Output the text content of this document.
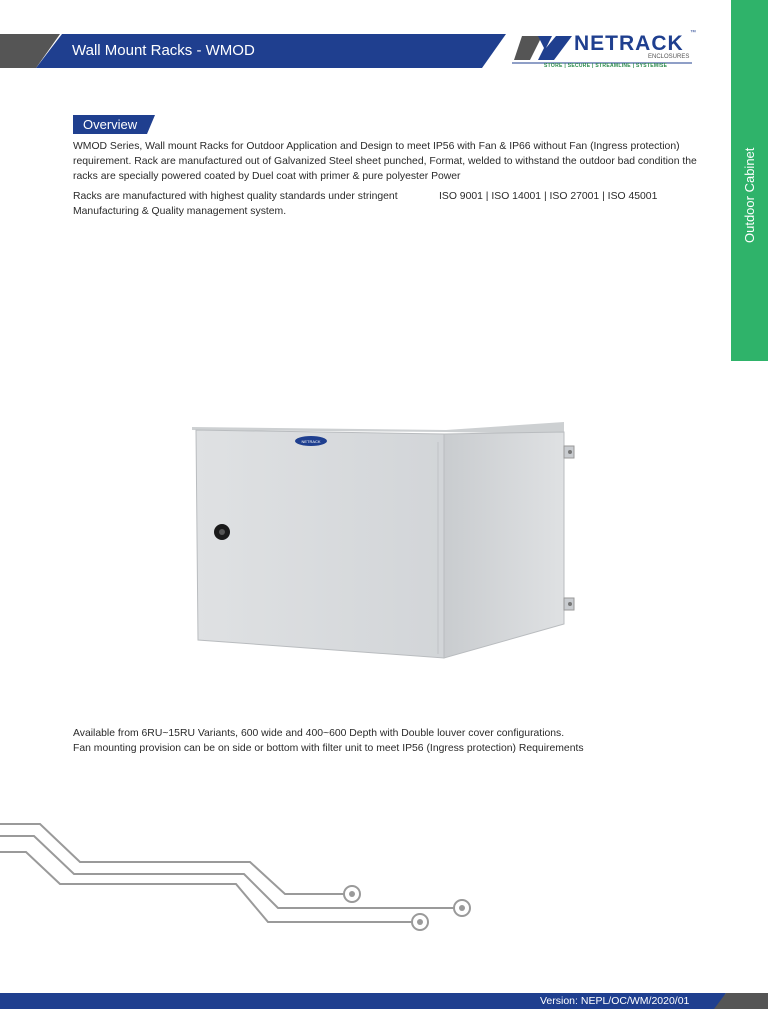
Wall Mount Racks - WMOD	NETRACK ™
ENCLOSURES
STORE | SECURE | STREAMLINE | SYSTEMISE
Outdoor Cabinet
Overview
WMOD Series, Wall mount Racks for Outdoor Application and Design to meet IP56 with Fan & IP66 without Fan (Ingress protection) requirement. Rack are manufactured out of Galvanized Steel sheet punched, Format, welded to withstand the outdoor bad condition the racks are specially powered coated by Duel coat with primer & pure polyester Power
Racks are manufactured with highest quality standards under stringent Manufacturing & Quality management system.
ISO 9001 | ISO 14001 | ISO 27001 | ISO 45001
NETRACK
Available from 6RU~15RU Variants, 600 wide and 400~600 Depth with Double louver cover configurations.
Fan mounting provision can be on side or bottom with filter unit to meet IP56 (Ingress protection) Requirements
Version: NEPL/OC/WM/2020/01
